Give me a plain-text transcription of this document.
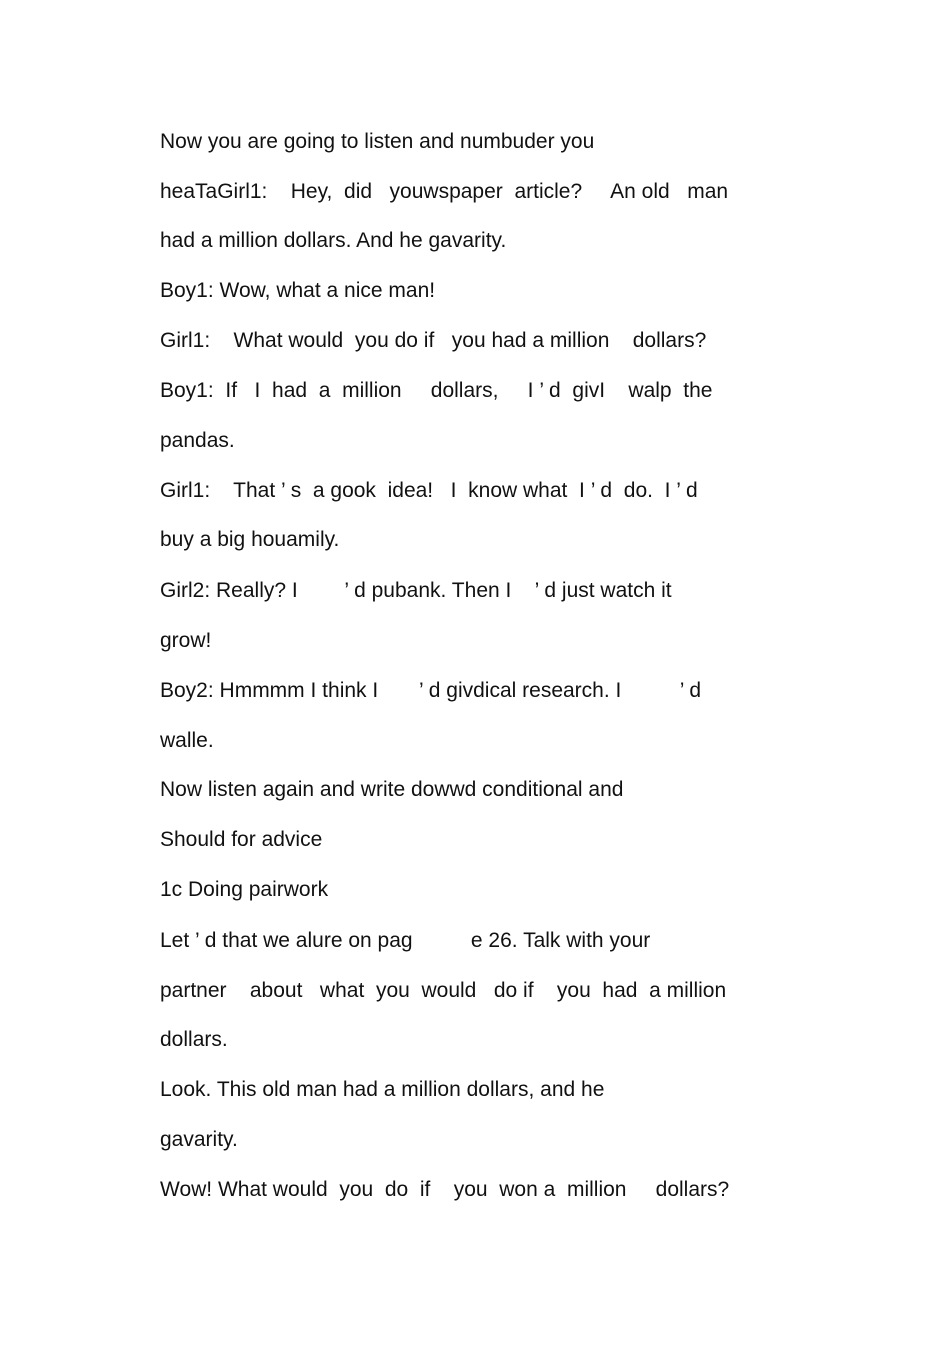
Now you are going to listen and numbuder you

heaTaGirl1:    Hey,  did   youwspaper  article?     An old   man

had a million dollars. And he gavarity.

Boy1: Wow, what a nice man!

Girl1:    What would  you do if   you had a million    dollars?

Boy1:  If   I  had  a  million     dollars,     I ’ d  givI    walp  the

pandas.

Girl1:    That ’ s  a gook  idea!   I  know what  I ’ d  do.  I ’ d

buy a big houamily.

Girl2: Really? I        ’ d pubank. Then I    ’ d just watch it

grow!

Boy2: Hmmmm I think I       ’ d givdical research. I          ’ d

walle.

Now listen again and write dowwd conditional and

Should for advice

1c Doing pairwork

Let ’ d that we alure on pag          e 26. Talk with your

partner    about   what  you  would   do if    you  had  a million

dollars.

Look. This old man had a million dollars, and he

gavarity.

Wow! What would  you  do  if    you  won a  million     dollars?
